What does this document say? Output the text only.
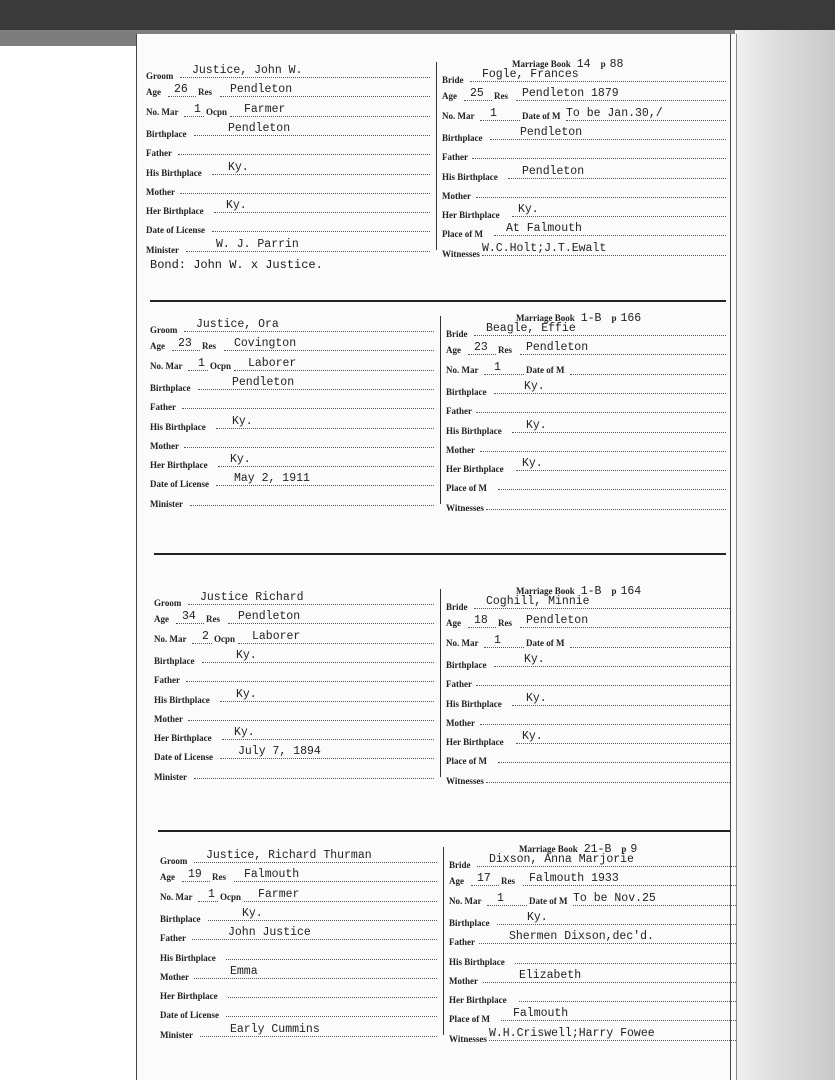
Groom Justice, John W.
Age 26 Res Pendleton
No. Mar 1 Ocpn Farmer
Birthplace	Pendleton
Father
His Birthplace Ky.
Mother
Her Birthplace Ky.
Date of License
Minister	W. J. Parrin
Marriage Book 14 p 88
Bride Fogle, Frances
Age 25 Res Pendleton 1879
No. Mar 1	Date of M To be Jan.30,/
Birthplace	Pendleton
Father
His Birthplace Pendleton
Mother
Her Birthplace Ky.
Place of M At Falmouth
Witnesses W.C.Holt;J.T.Ewalt
Bond: John W. x Justice.
Groom Justice, Ora
Age 23 Res Covington
No. Mar 1 Ocpn Laborer
Birthplace	Pendleton
Father
His Birthplace Ky.
Mother
Her Birthplace Ky.
Date of License May 2, 1911
Minister
Marriage Book 1-B p 166
Bride Beagle, Effie
Age 23 Res Pendleton
No. Mar 1	Date of M
Birthplace	Ky.
Father
His Birthplace Ky.
Mother
Her Birthplace Ky.
Place of M
Witnesses
Groom Justice Richard
Age 34 Res Pendleton
No. Mar 2 Ocpn Laborer
Birthplace	Ky.
Father
His Birthplace Ky.
Mother
Her Birthplace Ky.
Date of License July 7, 1894
Minister
Marriage Book 1-B p 164
Bride Coghill, Minnie
Age 18 Res Pendleton
No. Mar 1	Date of M
Birthplace	Ky.
Father
His Birthplace Ky.
Mother
Her Birthplace Ky.
Place of M
Witnesses
Groom Justice, Richard Thurman
Age 19 Res Falmouth
No. Mar 1 Ocpn Farmer
Birthplace	Ky.
Father	John Justice
His Birthplace
Mother	Emma
Her Birthplace
Date of License
Minister	Early Cummins
Marriage Book 21-B p 9
Bride Dixson, Anna Marjorie
Age 17 Res Falmouth 1933
No. Mar 1	Date of M To be Nov.25
Birthplace	Ky.
Father	Shermen Dixson,dec'd.
His Birthplace
Mother	Elizabeth
Her Birthplace
Place of M Falmouth
Witnesses W.H.Criswell;Harry Fowee
